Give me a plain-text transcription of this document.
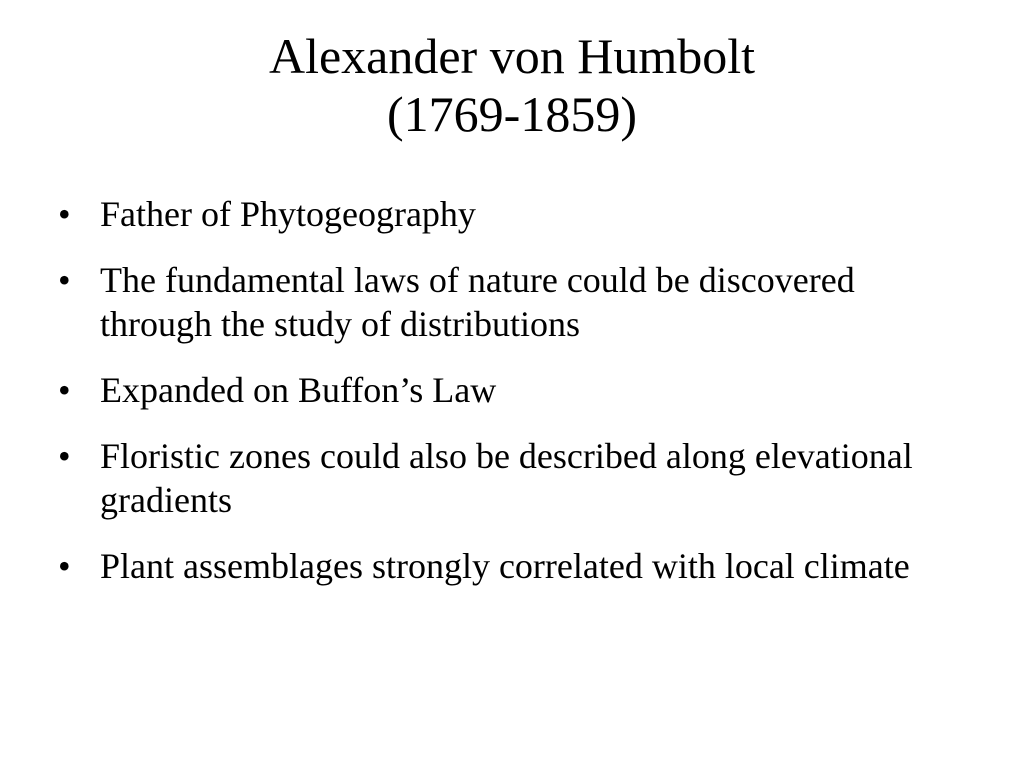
Alexander von Humbolt
(1769-1859)
• Father of Phytogeography
• The fundamental laws of nature could be discovered through the study of distributions
• Expanded on Buffon’s Law
• Floristic zones could also be described along elevational gradients
• Plant assemblages strongly correlated with local climate
